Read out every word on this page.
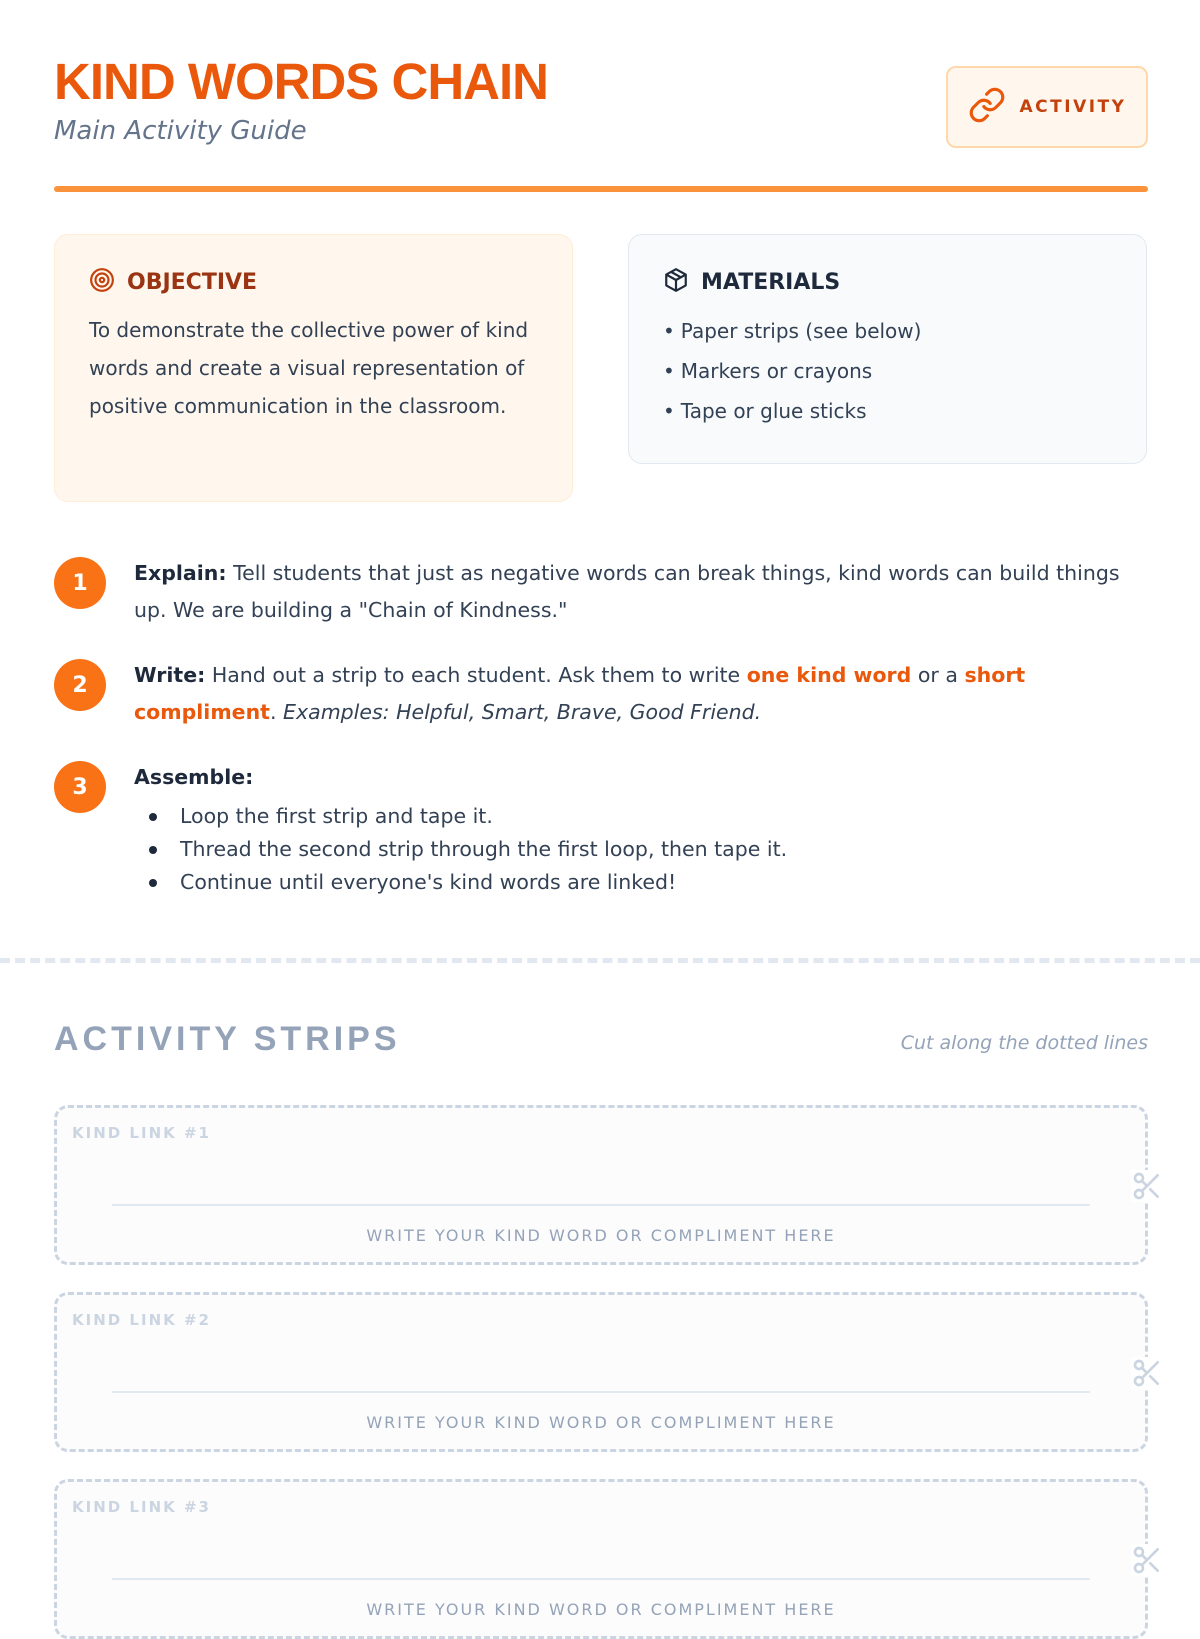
KIND WORDS CHAIN
Main Activity Guide
ACTIVITY
OBJECTIVE

To demonstrate the collective power of kind words and create a visual representation of positive communication in the classroom.

MATERIALS
• Paper strips (see below)
• Markers or crayons
• Tape or glue sticks
1	Explain: Tell students that just as negative words can break things, kind words can build things up. We are building a "Chain of Kindness."

2	Write: Hand out a strip to each student. Ask them to write one kind word or a short compliment. Examples: Helpful, Smart, Brave, Good Friend.

3	Assemble:

Loop the first strip and tape it.
Thread the second strip through the first loop, then tape it.
Continue until everyone's kind words are linked!
ACTIVITY STRIPS	Cut along the dotted lines
KIND LINK #1
WRITE YOUR KIND WORD OR COMPLIMENT HERE
KIND LINK #2
WRITE YOUR KIND WORD OR COMPLIMENT HERE
KIND LINK #3
WRITE YOUR KIND WORD OR COMPLIMENT HERE
